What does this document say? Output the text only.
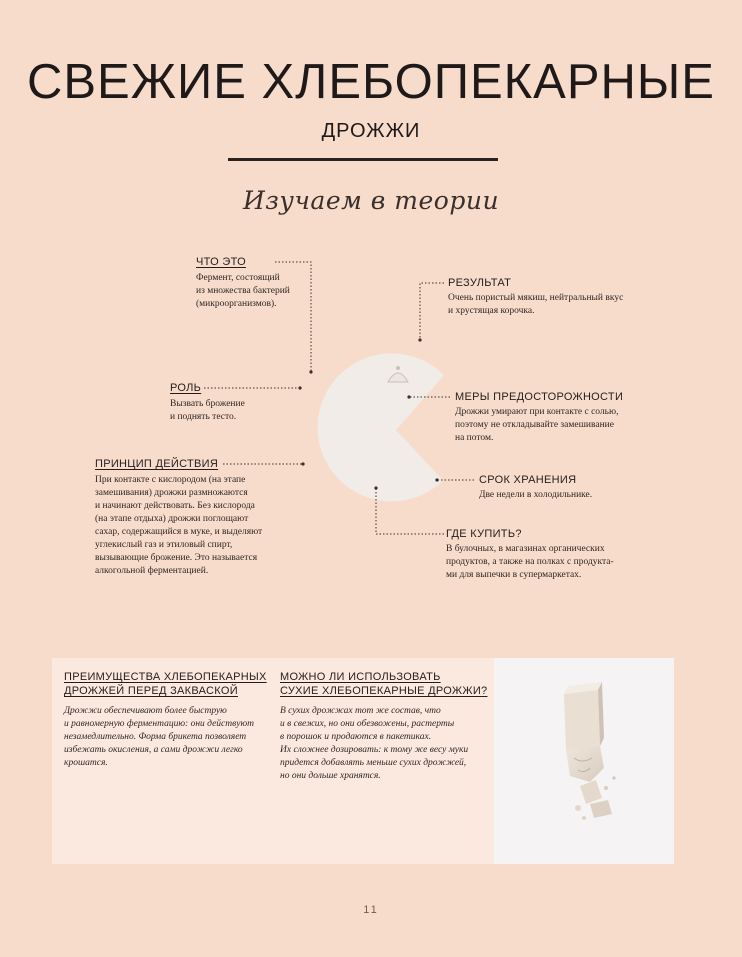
СВЕЖИЕ ХЛЕБОПЕКАРНЫЕ
ДРОЖЖИ
Изучаем в теории
ЧТО ЭТО
Фермент, состоящий
из множества бактерий
(микроорганизмов).
РОЛЬ
Вызвать брожение
и поднять тесто.
ПРИНЦИП ДЕЙСТВИЯ
При контакте с кислородом (на этапе
замешивания) дрожжи размножаются
и начинают действовать. Без кислорода
(на этапе отдыха) дрожжи поглощают
сахар, содержащийся в муке, и выделяют
углекислый газ и этиловый спирт,
вызывающие брожение. Это называется
алкогольной ферментацией.
РЕЗУЛЬТАТ
Очень пористый мякиш, нейтральный вкус
и хрустящая корочка.
МЕРЫ ПРЕДОСТОРОЖНОСТИ
Дрожжи умирают при контакте с солью,
поэтому не откладывайте замешивание
на потом.
СРОК ХРАНЕНИЯ
Две недели в холодильнике.
ГДЕ КУПИТЬ?
В булочных, в магазинах органических
продуктов, а также на полках с продукта-
ми для выпечки в супермаркетах.
ПРЕИМУЩЕСТВА ХЛЕБОПЕКАРНЫХ
ДРОЖЖЕЙ ПЕРЕД ЗАКВАСКОЙ
Дрожжи обеспечивают более быструю
и равномерную ферментацию: они действуют
незамедлительно. Форма брикета позволяет
избежать окисления, а сами дрожжи легко
крошатся.
МОЖНО ЛИ ИСПОЛЬЗОВАТЬ
СУХИЕ ХЛЕБОПЕКАРНЫЕ ДРОЖЖИ?
В сухих дрожжах тот же состав, что
и в свежих, но они обезвожены, растерты
в порошок и продаются в пакетиках.
Их сложнее дозировать: к тому же весу муки
придется добавлять меньше сухих дрожжей,
но они дольше хранятся.
11
